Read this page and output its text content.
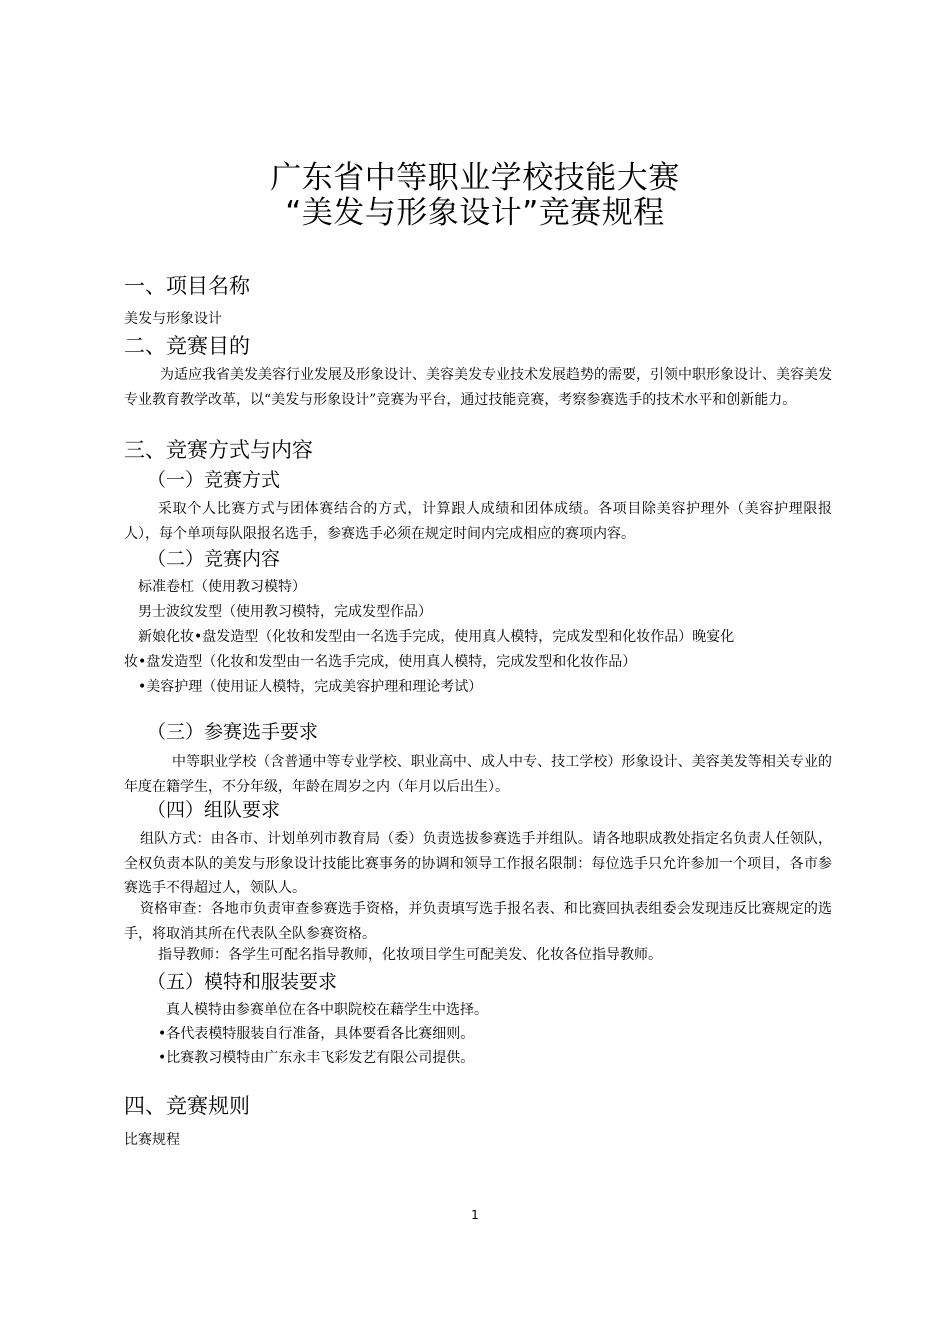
广东省中等职业学校技能大赛
“美发与形象设计”竞赛规程
一、项目名称
美发与形象设计
二、竞赛目的
为适应我省美发美容行业发展及形象设计、美容美发专业技术发展趋势的需要，引领中职形象设计、美容美发专业教育教学改革，以“美发与形象设计”竞赛为平台，通过技能竞赛，考察参赛选手的技术水平和创新能力。
三、竞赛方式与内容
（一）竞赛方式
采取个人比赛方式与团体赛结合的方式，计算跟人成绩和团体成绩。各项目除美容护理外（美容护理限报人），每个单项每队限报名选手，参赛选手必须在规定时间内完成相应的赛项内容。
（二）竞赛内容
标准卷杠（使用教习模特）
男士波纹发型（使用教习模特，完成发型作品）
新娘化妆•盘发造型（化妆和发型由一名选手完成，使用真人模特，完成发型和化妆作品）晚宴化
妆•盘发造型（化妆和发型由一名选手完成，使用真人模特，完成发型和化妆作品）
•美容护理（使用证人模特，完成美容护理和理论考试）
（三）参赛选手要求
中等职业学校（含普通中等专业学校、职业高中、成人中专、技工学校）形象设计、美容美发等相关专业的年度在籍学生，不分年级，年龄在周岁之内（年月以后出生）。
（四）组队要求
组队方式：由各市、计划单列市教育局（委）负责选拔参赛选手并组队。请各地职成教处指定名负责人任领队，全权负责本队的美发与形象设计技能比赛事务的协调和领导工作报名限制：每位选手只允许参加一个项目，各市参赛选手不得超过人，领队人。
资格审查：各地市负责审查参赛选手资格，并负责填写选手报名表、和比赛回执表组委会发现违反比赛规定的选手，将取消其所在代表队全队参赛资格。
指导教师：各学生可配名指导教师，化妆项目学生可配美发、化妆各位指导教师。
（五）模特和服装要求
真人模特由参赛单位在各中职院校在藉学生中选择。
•各代表模特服装自行准备，具体要看各比赛细则。
•比赛教习模特由广东永丰飞彩发艺有限公司提供。
四、竞赛规则
比赛规程
1
